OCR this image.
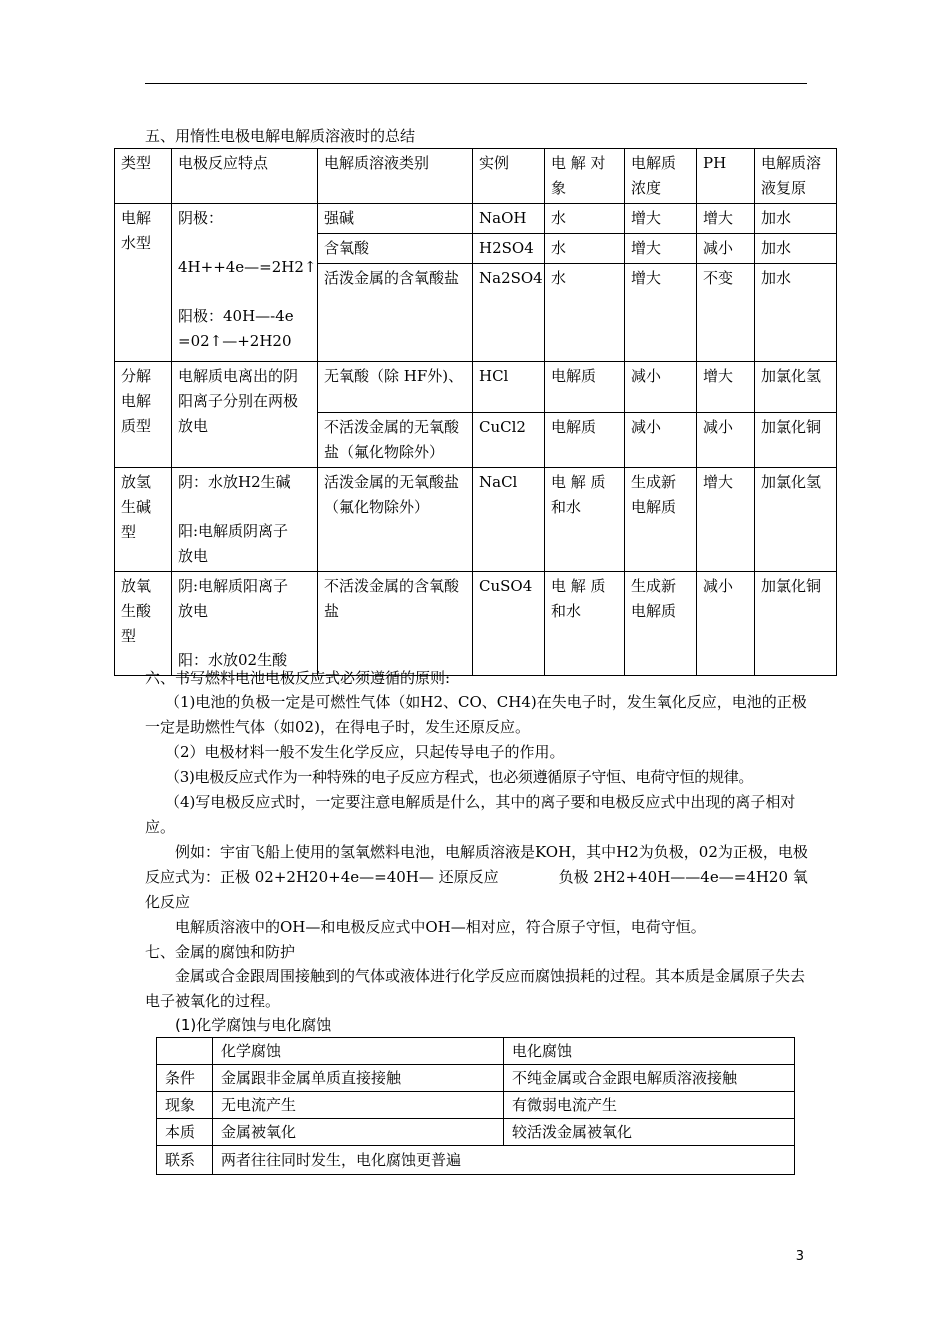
五、用惰性电极电解电解质溶液时的总结
类型	电极反应特点	电解质溶液类别	实例	电 解 对象	电解质浓度	PH	电解质溶液复原
电解水型	阴极：
4H++4e—=2H2↑
阳极：40H—-4e
=02↑—+2H20	强碱	NaOH	水	增大	增大	加水
		含氧酸	H2SO4	水	增大	减小	加水
		活泼金属的含氧酸盐	Na2SO4	水	增大	不变	加水
分解电解质型	电解质电离出的阴阳离子分别在两极放电	无氧酸（除 HF外)、	HCl	电解质	减小	增大	加氯化氢
		不活泼金属的无氧酸盐（氟化物除外）	CuCl2	电解质	减小	减小	加氯化铜
放氢生碱型	阴：水放H2生碱
阳:电解质阴离子
放电	活泼金属的无氧酸盐（氟化物除外）	NaCl	电 解 质和水	生成新电解质	增大	加氯化氢
放氧生酸型	阴:电解质阳离子
放电
阳：水放02生酸	不活泼金属的含氧酸盐	CuSO4	电 解 质和水	生成新电解质	减小	加氯化铜
六、书写燃料电池电极反应式必须遵循的原则:
（1)电池的负极一定是可燃性气体（如H2、CO、CH4)在失电子时，发生氧化反应，电池的正极一定是助燃性气体（如02)，在得电子时，发生还原反应。
（2）电极材料一般不发生化学反应，只起传导电子的作用。
（3)电极反应式作为一种特殊的电子反应方程式，也必须遵循原子守恒、电荷守恒的规律。
（4)写电极反应式时，一定要注意电解质是什么，其中的离子要和电极反应式中出现的离子相对应。
例如：宇宙飞船上使用的氢氧燃料电池，电解质溶液是KOH，其中H2为负极，02为正极，电极反应式为：正极 02+2H20+4e—=40H— 还原反应　　　　负极 2H2+40H——4e—=4H20 氧化反应
电解质溶液中的OH—和电极反应式中OH—相对应，符合原子守恒，电荷守恒。
七、金属的腐蚀和防护
金属或合金跟周围接触到的气体或液体进行化学反应而腐蚀损耗的过程。其本质是金属原子失去电子被氧化的过程。
(1)化学腐蚀与电化腐蚀
	化学腐蚀	电化腐蚀
条件	金属跟非金属单质直接接触	不纯金属或合金跟电解质溶液接触
现象	无电流产生	有微弱电流产生
本质	金属被氧化	较活泼金属被氧化
联系	两者往往同时发生，电化腐蚀更普遍	
3
